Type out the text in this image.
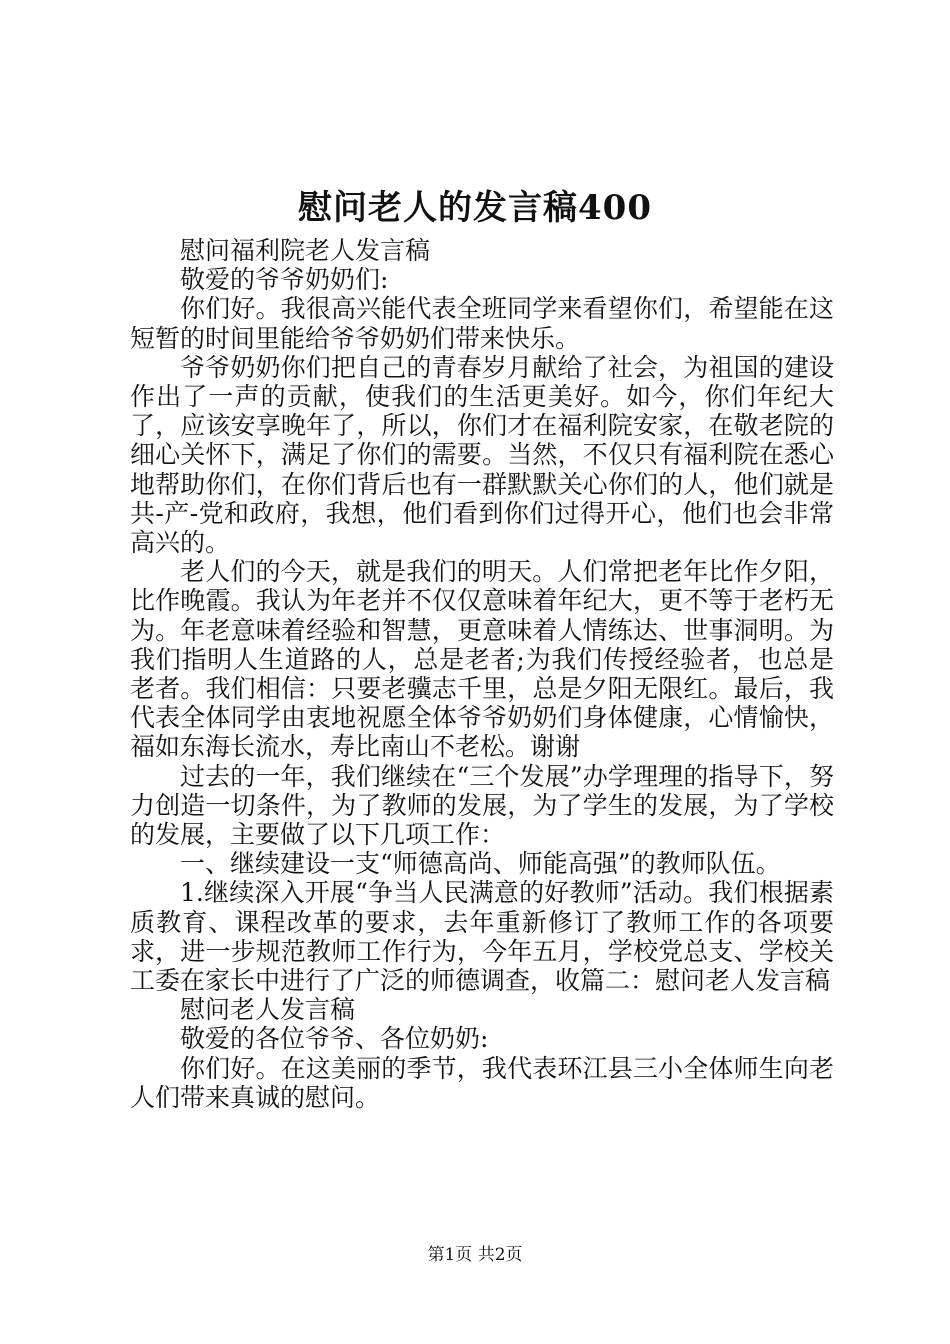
慰问老人的发言稿400

慰问福利院老人发言稿

敬爱的爷爷奶奶们:

你们好。我很高兴能代表全班同学来看望你们，希望能在这短暂的时间里能给爷爷奶奶们带来快乐。

爷爷奶奶你们把自己的青春岁月献给了社会，为祖国的建设作出了一声的贡献，使我们的生活更美好。如今，你们年纪大了，应该安享晚年了，所以，你们才在福利院安家，在敬老院的细心关怀下，满足了你们的需要。当然，不仅只有福利院在悉心地帮助你们，在你们背后也有一群默默关心你们的人，他们就是共-产-党和政府，我想，他们看到你们过得开心，他们也会非常高兴的。

老人们的今天，就是我们的明天。人们常把老年比作夕阳，比作晚霞。我认为年老并不仅仅意味着年纪大，更不等于老朽无为。年老意味着经验和智慧，更意味着人情练达、世事洞明。为我们指明人生道路的人，总是老者;为我们传授经验者，也总是老者。我们相信：只要老骥志千里，总是夕阳无限红。最后，我代表全体同学由衷地祝愿全体爷爷奶奶们身体健康，心情愉快，福如东海长流水，寿比南山不老松。谢谢

过去的一年，我们继续在“三个发展”办学理理的指导下，努力创造一切条件，为了教师的发展，为了学生的发展，为了学校的发展，主要做了以下几项工作：

一、继续建设一支“师德高尚、师能高强”的教师队伍。

1.继续深入开展“争当人民满意的好教师”活动。我们根据素质教育、课程改革的要求，去年重新修订了教师工作的各项要求，进一步规范教师工作行为，今年五月，学校党总支、学校关工委在家长中进行了广泛的师德调查，收篇二：慰问老人发言稿

慰问老人发言稿

敬爱的各位爷爷、各位奶奶:

你们好。在这美丽的季节，我代表环江县三小全体师生向老人们带来真诚的慰问。

第1页 共2页
